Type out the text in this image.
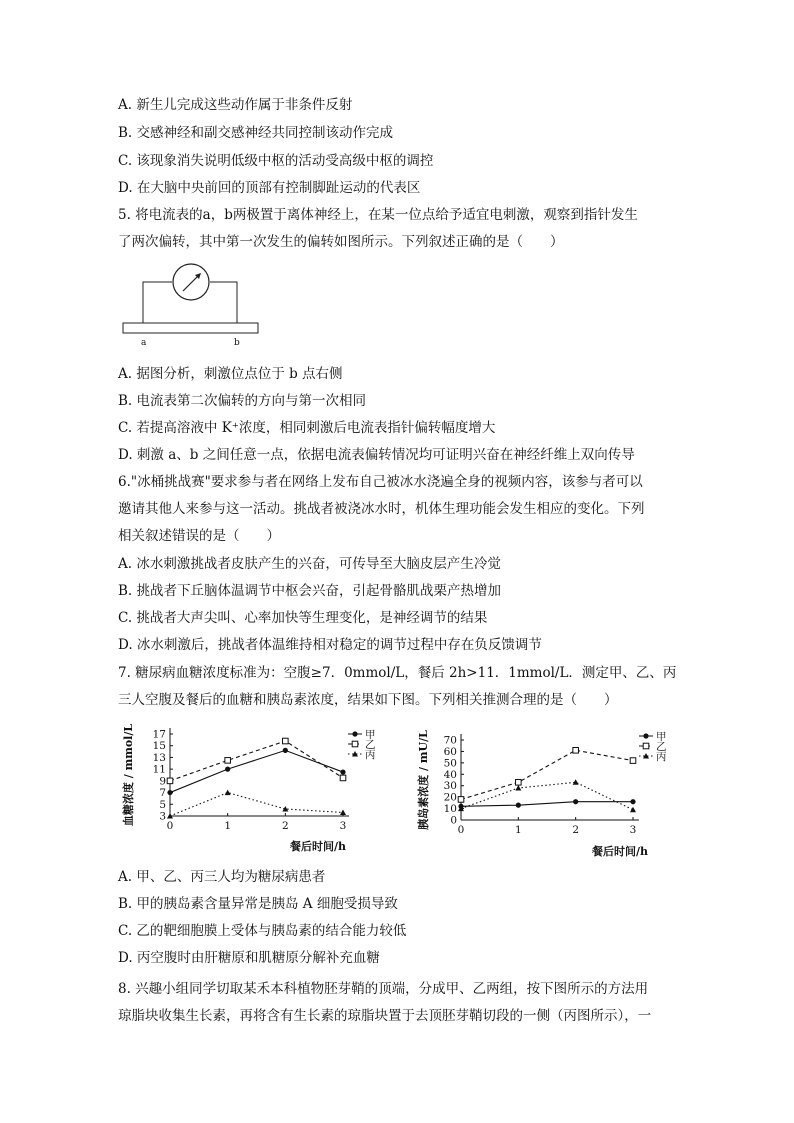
A. 新生儿完成这些动作属于非条件反射
B. 交感神经和副交感神经共同控制该动作完成
C. 该现象消失说明低级中枢的活动受高级中枢的调控
D. 在大脑中央前回的顶部有控制脚趾运动的代表区
5. 将电流表的a，b两极置于离体神经上，在某一位点给予适宜电刺激，观察到指针发生
了两次偏转，其中第一次发生的偏转如图所示。下列叙述正确的是（　　）
a	b
A. 据图分析，刺激位点位于 b 点右侧
B. 电流表第二次偏转的方向与第一次相同
C. 若提高溶液中 K⁺浓度，相同刺激后电流表指针偏转幅度增大
D. 刺激 a、b 之间任意一点，依据电流表偏转情况均可证明兴奋在神经纤维上双向传导
6."冰桶挑战赛"要求参与者在网络上发布自己被冰水浇遍全身的视频内容，该参与者可以
邀请其他人来参与这一活动。挑战者被浇冰水时，机体生理功能会发生相应的变化。下列
相关叙述错误的是（　　）
A. 冰水刺激挑战者皮肤产生的兴奋，可传导至大脑皮层产生冷觉
B. 挑战者下丘脑体温调节中枢会兴奋，引起骨骼肌战栗产热增加
C. 挑战者大声尖叫、心率加快等生理变化，是神经调节的结果
D. 冰水刺激后，挑战者体温维持相对稳定的调节过程中存在负反馈调节
7. 糖尿病血糖浓度标准为：空腹≥7．0mmol/L，餐后 2h>11．1mmol/L．测定甲、乙、丙
三人空腹及餐后的血糖和胰岛素浓度，结果如下图。下列相关推测合理的是（　　）
3
5
7
9
11
13
15
17
0	1	2	3
餐后时间/h
血糖浓度 / mmol/L	甲
乙
丙
0
10
20
30
40
50
60
70
0	1	2	3
餐后时间/h
胰岛素浓度 / mU/L	甲
乙
丙
A. 甲、乙、丙三人均为糖尿病患者
B. 甲的胰岛素含量异常是胰岛 A 细胞受损导致
C. 乙的靶细胞膜上受体与胰岛素的结合能力较低
D. 丙空腹时由肝糖原和肌糖原分解补充血糖
8. 兴趣小组同学切取某禾本科植物胚芽鞘的顶端，分成甲、乙两组，按下图所示的方法用
琼脂块收集生长素，再将含有生长素的琼脂块置于去顶胚芽鞘切段的一侧（丙图所示），一
